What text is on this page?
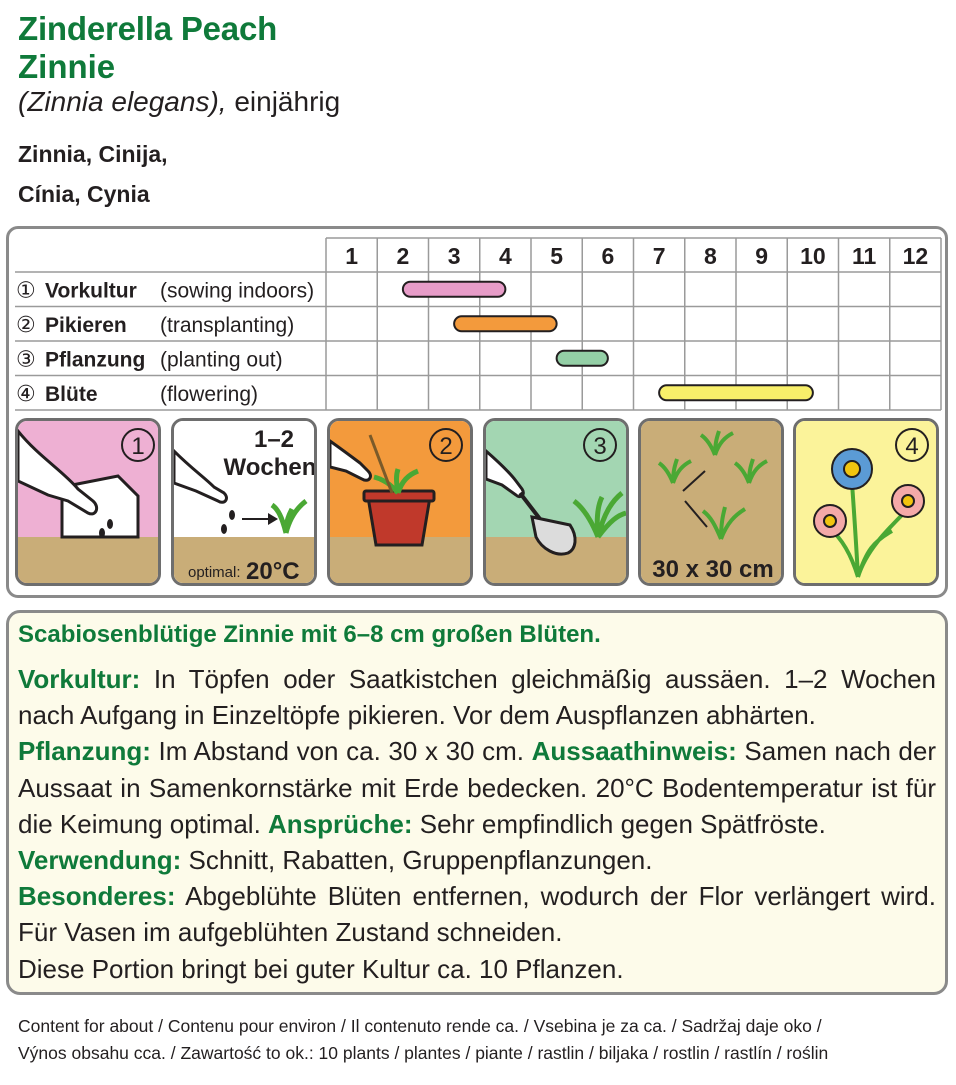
Zinderella Peach
Zinnie
(Zinnia elegans), einjährig
Zinnia, Cinija,
Cínia, Cynia
1 2 3 4 5 6 7 8 9 10 11 12
① Vorkultur (sowing indoors)
② Pikieren (transplanting)
③ Pflanzung (planting out)
④ Blüte	(flowering)
1	1–2
Wochen
optimal: 20°C
2	3
30 x 30 cm
4
Scabiosenblütige Zinnie mit 6–8 cm großen Blüten.

Vorkultur: In Töpfen oder Saatkistchen gleichmäßig aussäen. 1–2 Wochen nach Aufgang in Einzeltöpfe pikieren. Vor dem Auspflanzen abhärten.

Pflanzung: Im Abstand von ca. 30 x 30 cm. Aussaathinweis: Samen nach der Aussaat in Samenkornstärke mit Erde bedecken. 20°C Bodentemperatur ist für die Keimung optimal. Ansprüche: Sehr empfindlich gegen Spätfröste.

Verwendung: Schnitt, Rabatten, Gruppenpflanzungen.

Besonderes: Abgeblühte Blüten entfernen, wodurch der Flor verlängert wird. Für Vasen im aufgeblühten Zustand schneiden.

Diese Portion bringt bei guter Kultur ca. 10 Pflanzen.

Content for about / Contenu pour environ / Il contenuto rende ca. / Vsebina je za ca. / Sadržaj daje oko /

Výnos obsahu cca. / Zawartość to ok.: 10 plants / plantes / piante / rastlin / biljaka / rostlin / rastlín / roślin
